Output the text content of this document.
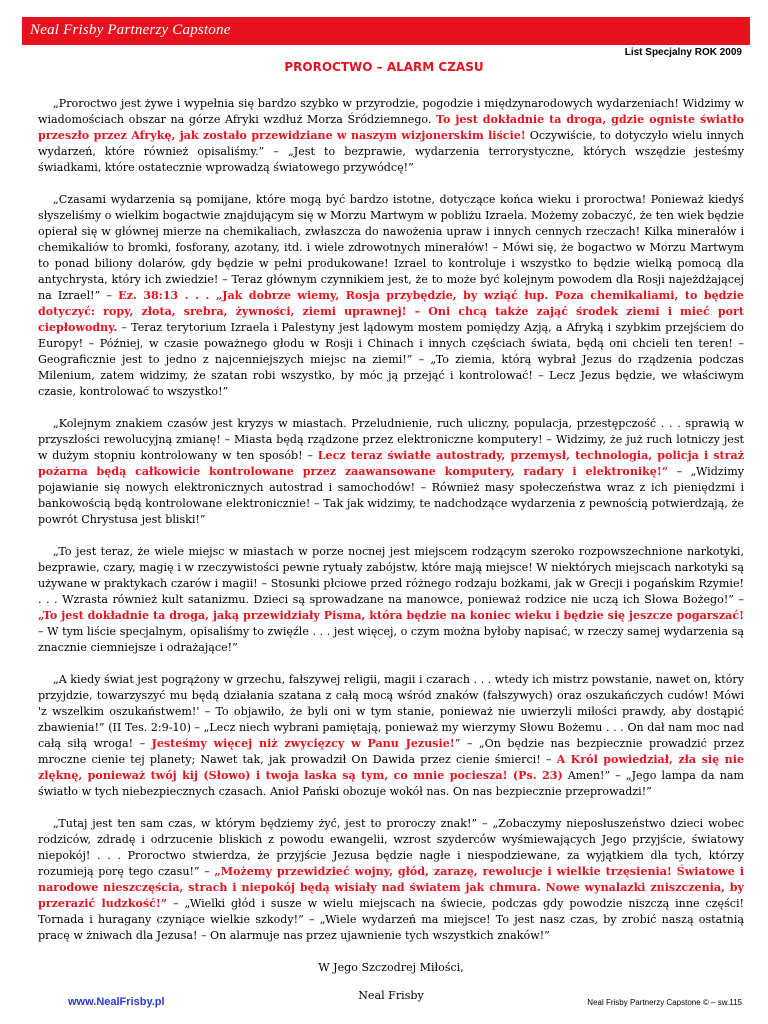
Neal Frisby Partnerzy Capstone
List Specjalny ROK 2009
PROROCTWO – ALARM CZASU

„Proroctwo jest żywe i wypełnia się bardzo szybko w przyrodzie, pogodzie i międzynarodowych wydarzeniach! Widzimy w wiadomościach obszar na górze Afryki wzdłuż Morza Śródziemnego. To jest dokładnie ta droga, gdzie ogniste światło przeszło przez Afrykę, jak zostało przewidziane w naszym wizjonerskim liście! Oczywiście, to dotyczyło wielu innych wydarzeń, które również opisaliśmy.” – „Jest to bezprawie, wydarzenia terrorystyczne, których wszędzie jesteśmy świadkami, które ostatecznie wprowadzą światowego przywódcę!”

„Czasami wydarzenia są pomijane, które mogą być bardzo istotne, dotyczące końca wieku i proroctwa! Ponieważ kiedyś słyszeliśmy o wielkim bogactwie znajdującym się w Morzu Martwym w pobliżu Izraela. Możemy zobaczyć, że ten wiek będzie opierał się w głównej mierze na chemikaliach, zwłaszcza do nawożenia upraw i innych cennych rzeczach! Kilka minerałów i chemikaliów to bromki, fosforany, azotany, itd. i wiele zdrowotnych minerałów! – Mówi się, że bogactwo w Morzu Martwym to ponad biliony dolarów, gdy będzie w pełni produkowane! Izrael to kontroluje i wszystko to będzie wielką pomocą dla antychrysta, który ich zwiedzie! – Teraz głównym czynnikiem jest, że to może być kolejnym powodem dla Rosji najeżdżającej na Izrael!” – Ez. 38:13 . . . „Jak dobrze wiemy, Rosja przybędzie, by wziąć łup. Poza chemikaliami, to będzie dotyczyć: ropy, złota, srebra, żywności, ziemi uprawnej! – Oni chcą także zająć środek ziemi i mieć port ciepłowodny. – Teraz terytorium Izraela i Palestyny jest lądowym mostem pomiędzy Azją, a Afryką i szybkim przejściem do Europy! – Później, w czasie poważnego głodu w Rosji i Chinach i innych częściach świata, będą oni chcieli ten teren! – Geograficznie jest to jedno z najcenniejszych miejsc na ziemi!” – „To ziemia, którą wybrał Jezus do rządzenia podczas Milenium, zatem widzimy, że szatan robi wszystko, by móc ją przejąć i kontrolować! – Lecz Jezus będzie, we właściwym czasie, kontrolować to wszystko!”

„Kolejnym znakiem czasów jest kryzys w miastach. Przeludnienie, ruch uliczny, populacja, przestępczość . . . sprawią w przyszłości rewolucyjną zmianę! – Miasta będą rządzone przez elektroniczne komputery! – Widzimy, że już ruch lotniczy jest w dużym stopniu kontrolowany w ten sposób! – Lecz teraz światłe autostrady, przemysł, technologia, policja i straż pożarna będą całkowicie kontrolowane przez zaawansowane komputery, radary i elektronikę!” – „Widzimy pojawianie się nowych elektronicznych autostrad i samochodów! – Również masy społeczeństwa wraz z ich pieniędzmi i bankowością będą kontrolowane elektronicznie! – Tak jak widzimy, te nadchodzące wydarzenia z pewnością potwierdzają, że powrót Chrystusa jest bliski!”

„To jest teraz, że wiele miejsc w miastach w porze nocnej jest miejscem rodzącym szeroko rozpowszechnione narkotyki, bezprawie, czary, magię i w rzeczywistości pewne rytuały zabójstw, które mają miejsce! W niektórych miejscach narkotyki są używane w praktykach czarów i magii! – Stosunki płciowe przed różnego rodzaju bożkami, jak w Grecji i pogańskim Rzymie! . . . Wzrasta również kult satanizmu. Dzieci są sprowadzane na manowce, ponieważ rodzice nie uczą ich Słowa Bożego!” – „To jest dokładnie ta droga, jaką przewidziały Pisma, która będzie na koniec wieku i będzie się jeszcze pogarszać! – W tym liście specjalnym, opisaliśmy to zwięźle . . . jest więcej, o czym można byłoby napisać, w rzeczy samej wydarzenia są znacznie ciemniejsze i odrażające!”

„A kiedy świat jest pogrążony w grzechu, fałszywej religii, magii i czarach . . . wtedy ich mistrz powstanie, nawet on, który przyjdzie, towarzyszyć mu będą działania szatana z całą mocą wśród znaków (fałszywych) oraz oszukańczych cudów! Mówi 'z wszelkim oszukaństwem!' – To objawiło, że byli oni w tym stanie, ponieważ nie uwierzyli miłości prawdy, aby dostąpić zbawienia!” (II Tes. 2:9-10) – „Lecz niech wybrani pamiętają, ponieważ my wierzymy Słowu Bożemu . . . On dał nam moc nad całą siłą wroga! – Jesteśmy więcej niż zwycięzcy w Panu Jezusie!” – „On będzie nas bezpiecznie prowadzić przez mroczne cienie tej planety; Nawet tak, jak prowadził On Dawida przez cienie śmierci! – A Król powiedział, zła się nie zlęknę, ponieważ twój kij (Słowo) i twoja laska są tym, co mnie pociesza! (Ps. 23) Amen!” – „Jego lampa da nam światło w tych niebezpiecznych czasach. Anioł Pański obozuje wokół nas. On nas bezpiecznie przeprowadzi!”

„Tutaj jest ten sam czas, w którym będziemy żyć, jest to proroczy znak!” – „Zobaczymy nieposłuszeństwo dzieci wobec rodziców, zdradę i odrzucenie bliskich z powodu ewangelii, wzrost szyderców wyśmiewających Jego przyjście, światowy niepokój! . . . Proroctwo stwierdza, że przyjście Jezusa będzie nagłe i niespodziewane, za wyjątkiem dla tych, którzy rozumieją porę tego czasu!” – „Możemy przewidzieć wojny, głód, zarazę, rewolucje i wielkie trzęsienia! Światowe i narodowe nieszczęścia, strach i niepokój będą wisiały nad światem jak chmura. Nowe wynalazki zniszczenia, by przerazić ludzkość!” – „Wielki głód i susze w wielu miejscach na świecie, podczas gdy powodzie niszczą inne części! Tornada i huragany czyniące wielkie szkody!” – „Wiele wydarzeń ma miejsce! To jest nasz czas, by zrobić naszą ostatnią pracę w żniwach dla Jezusa! – On alarmuje nas przez ujawnienie tych wszystkich znaków!”

W Jego Szczodrej Miłości,

Neal Frisby

www.NealFrisby.pl	Neal Frisby Partnerzy Capstone © – sw.115
